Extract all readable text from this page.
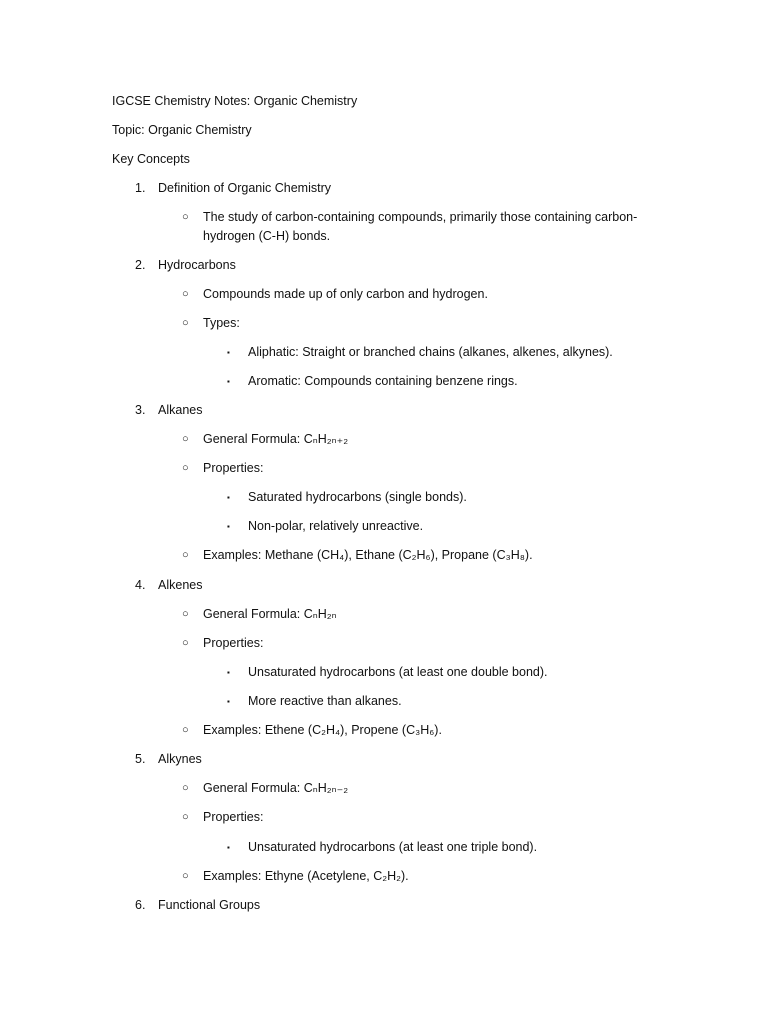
IGCSE Chemistry Notes: Organic Chemistry
Topic: Organic Chemistry
Key Concepts
1.	Definition of Organic Chemistry
○ The study of carbon-containing compounds, primarily those containing carbon-hydrogen (C-H) bonds.
2.	Hydrocarbons
○ Compounds made up of only carbon and hydrogen.
○ Types:
▪ Aliphatic: Straight or branched chains (alkanes, alkenes, alkynes).
▪ Aromatic: Compounds containing benzene rings.
3.	Alkanes
○ General Formula: CₙH₂ₙ₊₂
○ Properties:
▪ Saturated hydrocarbons (single bonds).
▪ Non-polar, relatively unreactive.
○ Examples: Methane (CH₄), Ethane (C₂H₆), Propane (C₃H₈).
4.	Alkenes
○ General Formula: CₙH₂ₙ
○ Properties:
▪ Unsaturated hydrocarbons (at least one double bond).
▪ More reactive than alkanes.
○ Examples: Ethene (C₂H₄), Propene (C₃H₆).
5.	Alkynes
○ General Formula: CₙH₂ₙ₋₂
○ Properties:
▪ Unsaturated hydrocarbons (at least one triple bond).
○ Examples: Ethyne (Acetylene, C₂H₂).
6.	Functional Groups
